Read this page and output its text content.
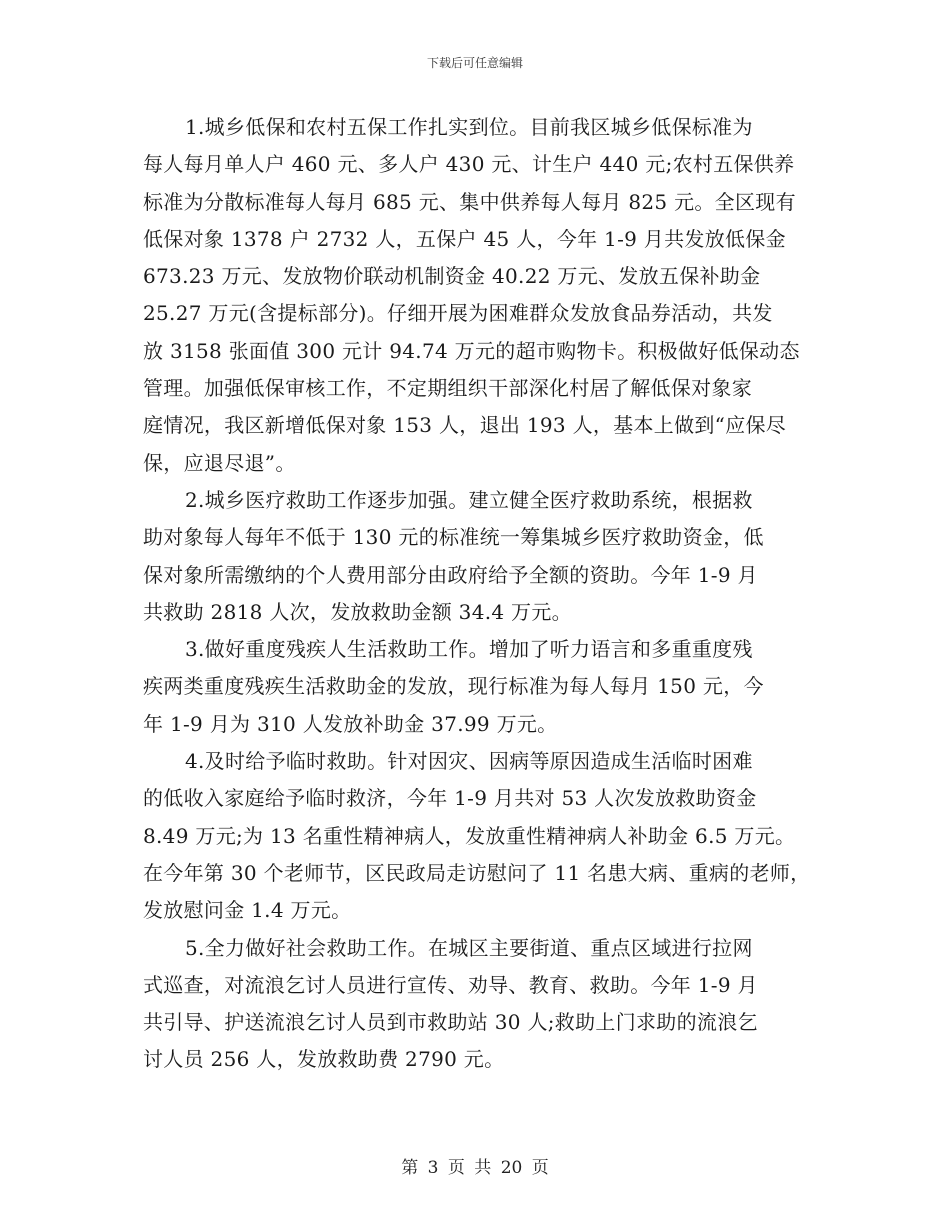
下载后可任意编辑
1.城乡低保和农村五保工作扎实到位。目前我区城乡低保标准为
每人每月单人户 460 元、多人户 430 元、计生户 440 元;农村五保供养
标准为分散标准每人每月 685 元、集中供养每人每月 825 元。全区现有
低保对象 1378 户 2732 人，五保户 45 人，今年 1-9 月共发放低保金
673.23 万元、发放物价联动机制资金 40.22 万元、发放五保补助金
25.27 万元(含提标部分)。仔细开展为困难群众发放食品券活动，共发
放 3158 张面值 300 元计 94.74 万元的超市购物卡。积极做好低保动态
管理。加强低保审核工作，不定期组织干部深化村居了解低保对象家
庭情况，我区新增低保对象 153 人，退出 193 人，基本上做到“应保尽
保，应退尽退”。
2.城乡医疗救助工作逐步加强。建立健全医疗救助系统，根据救
助对象每人每年不低于 130 元的标准统一筹集城乡医疗救助资金，低
保对象所需缴纳的个人费用部分由政府给予全额的资助。今年 1-9 月
共救助 2818 人次，发放救助金额 34.4 万元。
3.做好重度残疾人生活救助工作。增加了听力语言和多重重度残
疾两类重度残疾生活救助金的发放，现行标准为每人每月 150 元，今
年 1-9 月为 310 人发放补助金 37.99 万元。
4.及时给予临时救助。针对因灾、因病等原因造成生活临时困难
的低收入家庭给予临时救济，今年 1-9 月共对 53 人次发放救助资金
8.49 万元;为 13 名重性精神病人，发放重性精神病人补助金 6.5 万元。
在今年第 30 个老师节，区民政局走访慰问了 11 名患大病、重病的老师，
发放慰问金 1.4 万元。
5.全力做好社会救助工作。在城区主要街道、重点区域进行拉网
式巡查，对流浪乞讨人员进行宣传、劝导、教育、救助。今年 1-9 月
共引导、护送流浪乞讨人员到市救助站 30 人;救助上门求助的流浪乞
讨人员 256 人，发放救助费 2790 元。
第 3 页 共 20 页
